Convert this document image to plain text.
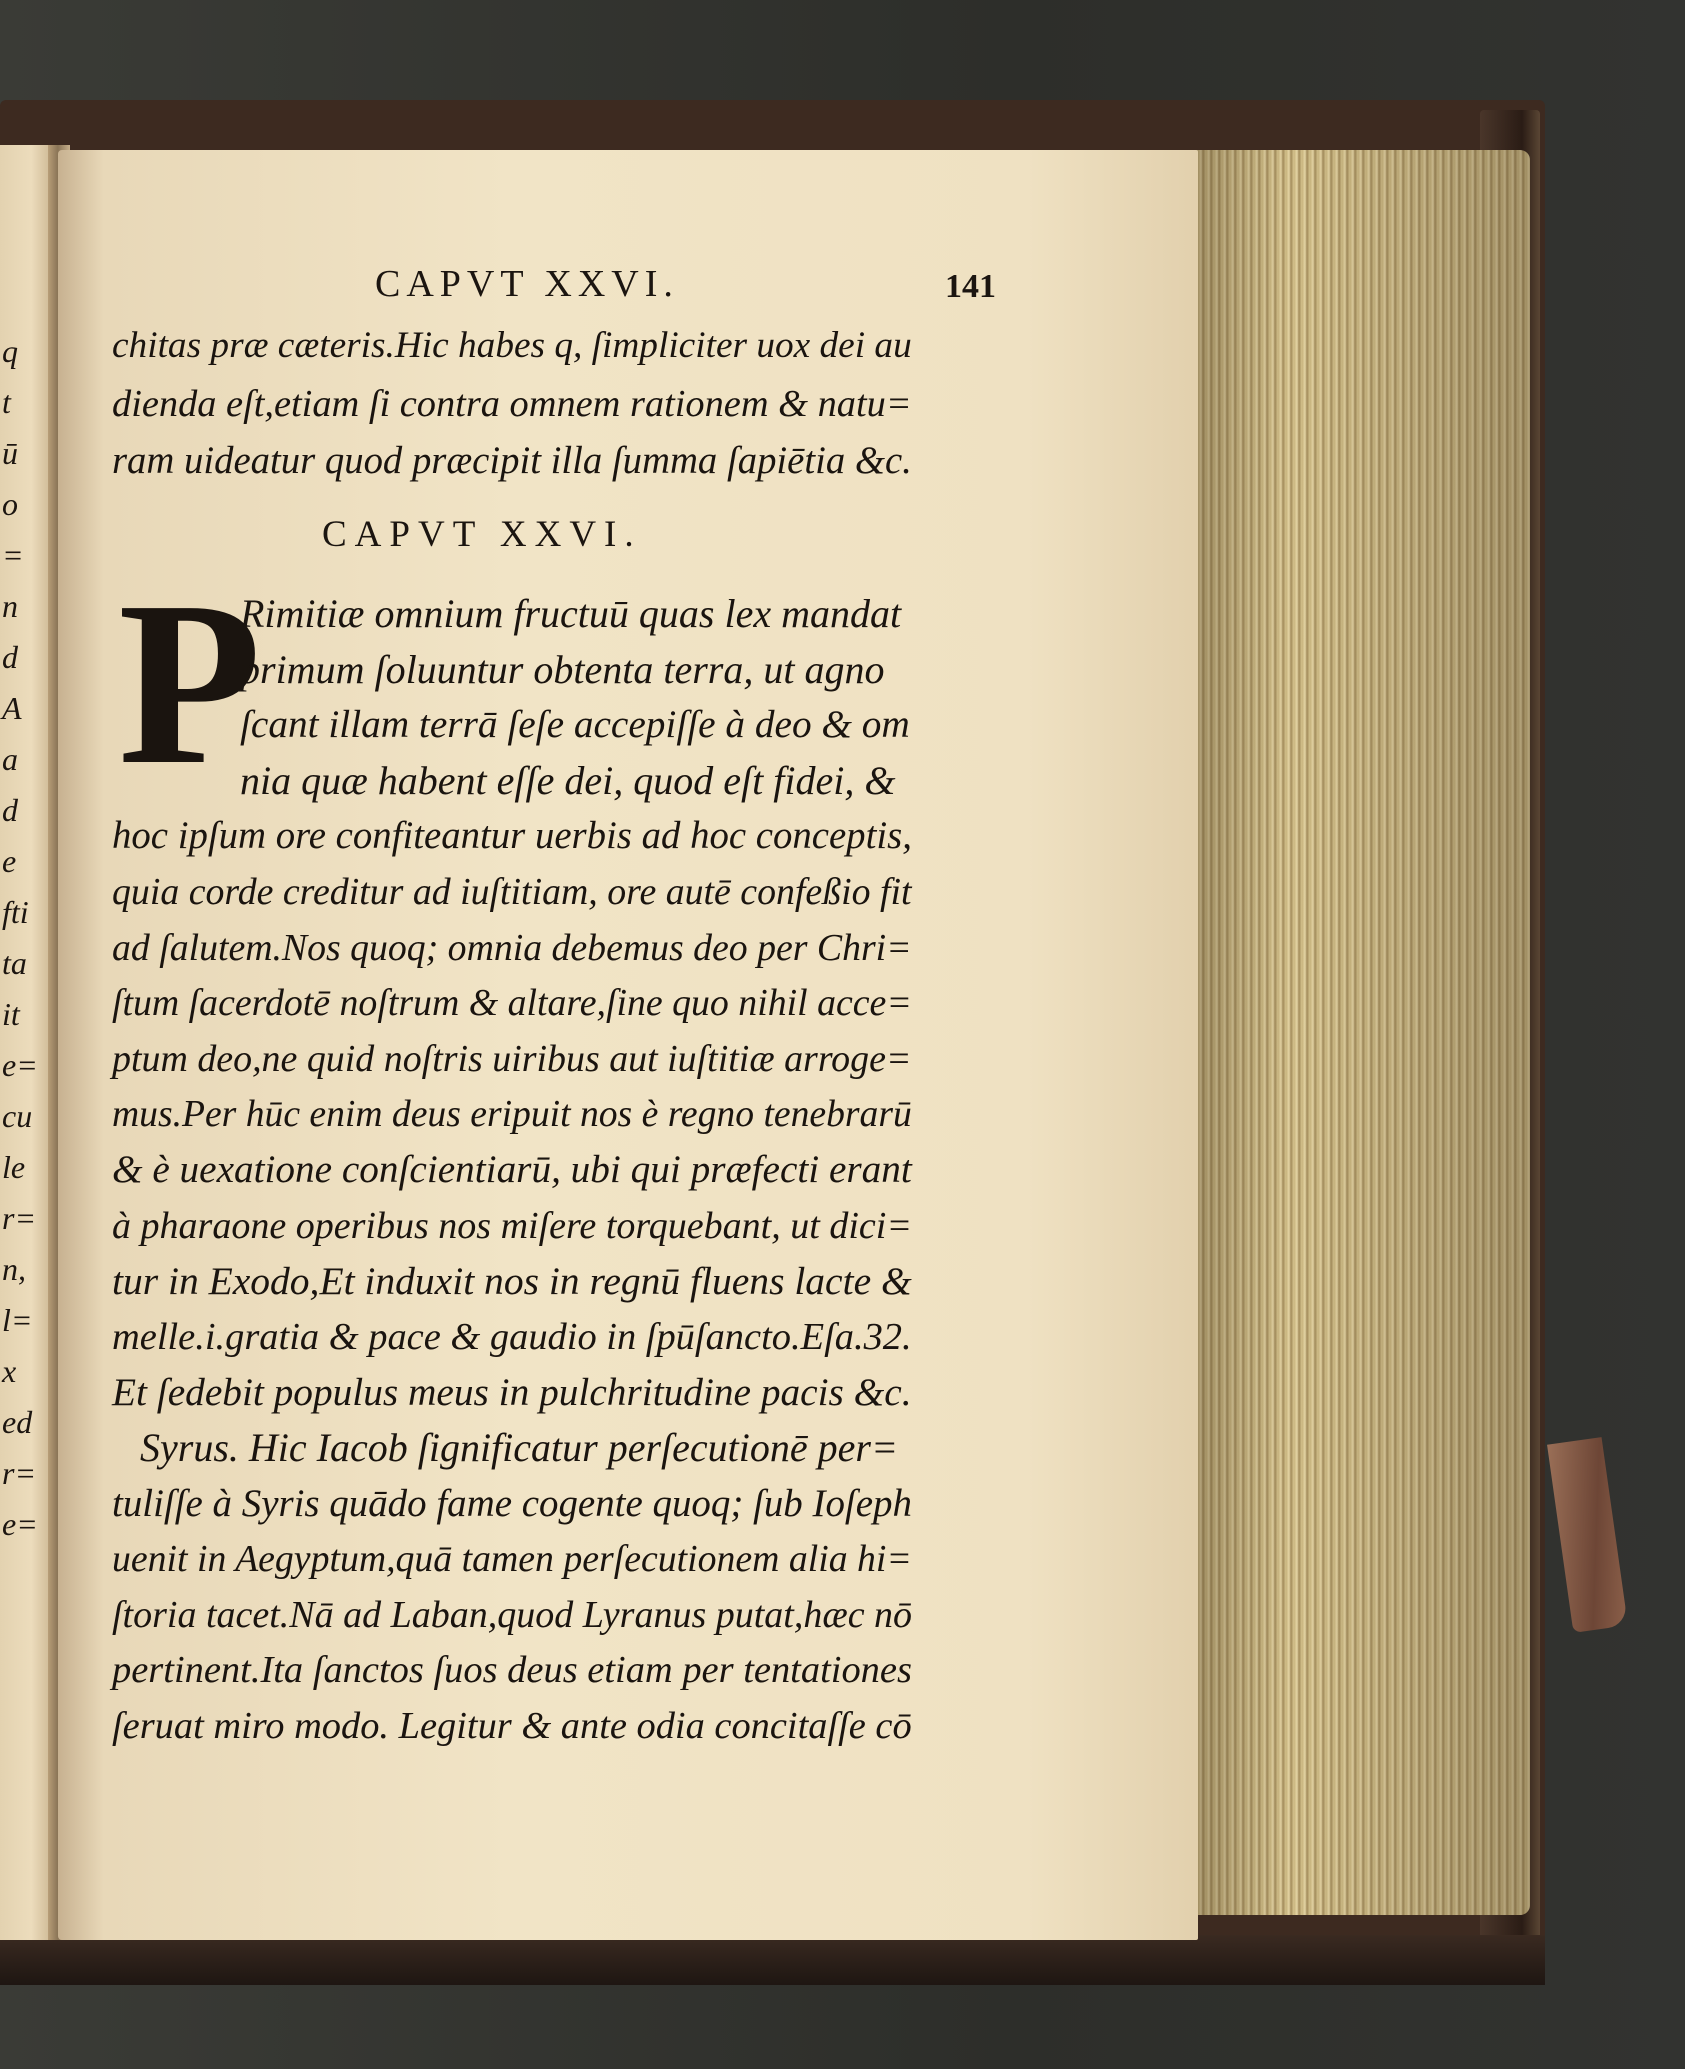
q
t
ū
o
=
n
d
A
a
d
e
fti
ta
it
e=
cu
le
r=
n,
l=
x
ed
r=
e=
CAPVT XXVI.	141
chitas præ cæteris.Hic habes q, ſimpliciter uox dei au
dienda eſt,etiam ſi contra omnem rationem & natu=
ram uideatur quod præcipit illa ſumma ſapiētia &c.
CAPVT XXVI.
P
Rimitiæ omnium fructuū quas lex mandat
primum ſoluuntur obtenta terra, ut agno
ſcant illam terrā ſeſe accepiſſe à deo & om
nia quæ habent eſſe dei, quod eſt fidei, &
hoc ipſum ore confiteantur uerbis ad hoc conceptis,
quia corde creditur ad iuſtitiam, ore autē confeßio fit
ad ſalutem.Nos quoq; omnia debemus deo per Chri=
ſtum ſacerdotē noſtrum & altare,ſine quo nihil acce=
ptum deo,ne quid noſtris uiribus aut iuſtitiæ arroge=
mus.Per hūc enim deus eripuit nos è regno tenebrarū
& è uexatione conſcientiarū, ubi qui præfecti erant
à pharaone operibus nos miſere torquebant, ut dici=
tur in Exodo,Et induxit nos in regnū fluens lacte &
melle.i.gratia & pace & gaudio in ſpūſancto.Eſa.32.
Et ſedebit populus meus in pulchritudine pacis &c.
Syrus. Hic Iacob ſignificatur perſecutionē per=
tuliſſe à Syris quādo fame cogente quoq; ſub Ioſeph
uenit in Aegyptum,quā tamen perſecutionem alia hi=
ſtoria tacet.Nā ad Laban,quod Lyranus putat,hæc nō
pertinent.Ita ſanctos ſuos deus etiam per tentationes
ſeruat miro modo. Legitur & ante odia concitaſſe cō
